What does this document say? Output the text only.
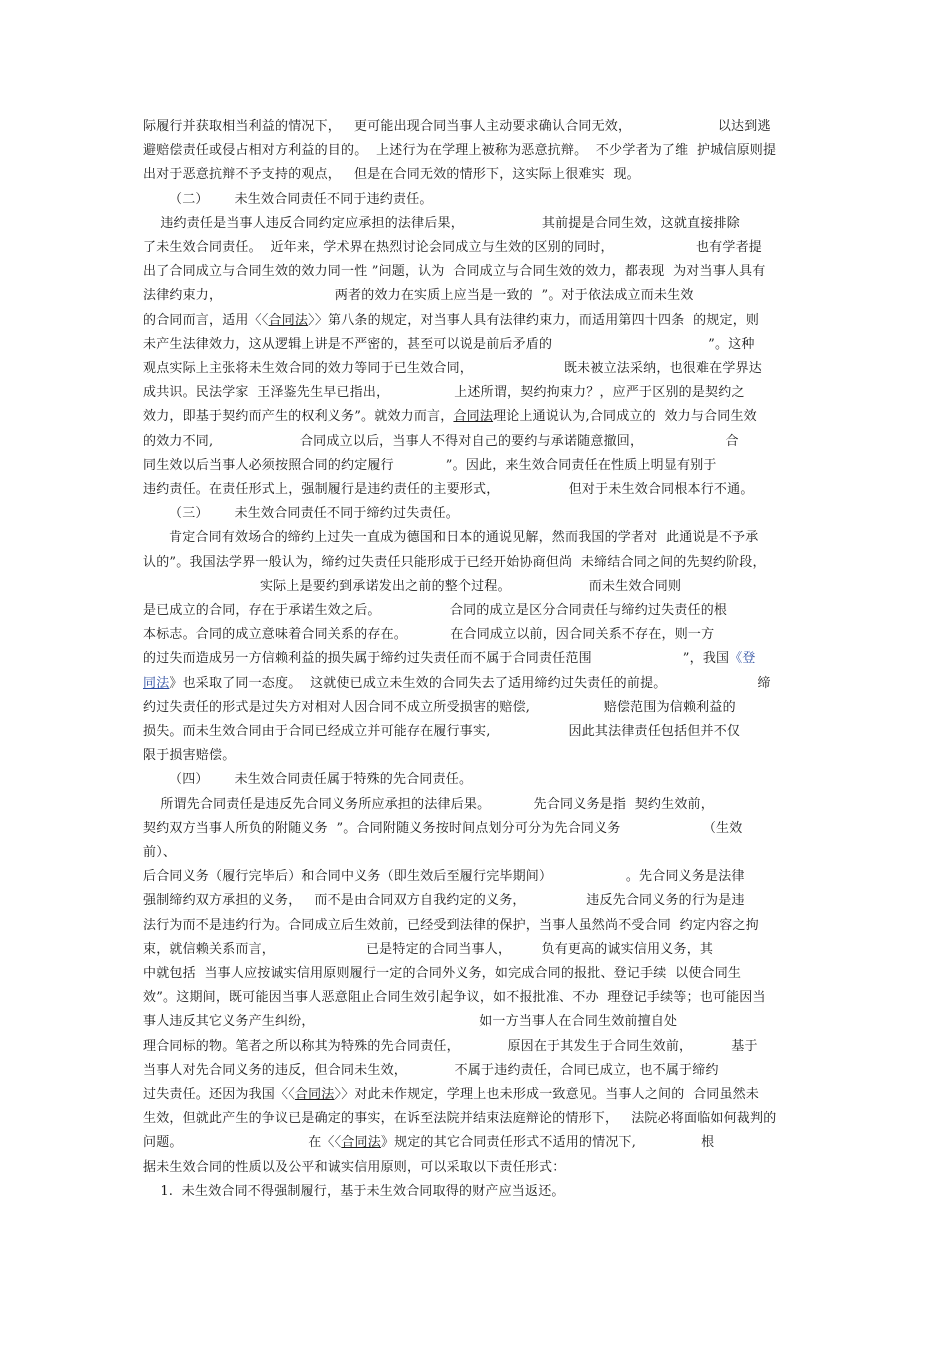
际履行并获取相当利益的情况下，   更可能出现合同当事人主动要求确认合同无效，                    以达到逃
避赔偿责任或侵占相对方利益的目的。  上述行为在学理上被称为恶意抗辩。  不少学者为了维  护城信原则提
出对于恶意抗辩不予支持的观点，   但是在合同无效的情形下，这实际上很难实  现。
（二）      未生效合同责任不同于违约责任。
违约责任是当事人违反合同约定应承担的法律后果，                  其前提是合同生效，这就直接排除
了未生效合同责任。  近年来，学术界在热烈讨论会同成立与生效的区别的同时，                   也有学者提
出了合同成立与合同生效的效力同一性 ”问题，认为  合同成立与合同生效的效力，都表现  为对当事人具有
法律约束力，                          两者的效力在实质上应当是一致的  ”。对于依法成立而未生效
的合同而言，适用〈〈合同法〉〉第八条的规定，对当事人具有法律约束力，而适用第四十四条  的规定，则
未产生法律效力，这从逻辑上讲是不严密的，甚至可以说是前后矛盾的                                    ”。这种
观点实际上主张将未生效合同的效力等同于已生效合同，                     既未被立法采纳，也很难在学界达
成共识。民法学家  王泽鉴先生早已指出，               上述所谓，契约拘束力？，应严于区别的是契约之
效力，即基于契约而产生的权利义务”。就效力而言，合同法理论上通说认为,合同成立的  效力与合同生效
的效力不同,                    合同成立以后，当事人不得对自己的要约与承诺随意撤回，                   合
同生效以后当事人必须按照合同的约定履行            ”。因此，来生效合同责任在性质上明显有别于
违约责任。在责任形式上，强制履行是违约责任的主要形式，                但对于未生效合同根本行不通。
（三）      未生效合同责任不同于缔约过失责任。
肯定合同有效场合的缔约上过失一直成为德国和日本的通说见解，然而我国的学者对  此通说是不予承
认的”。我国法学界一般认为，缔约过失责任只能形成于已经开始协商但尚  未缔结合同之间的先契约阶段，
实际上是要约到承诺发出之前的整个过程。                  而未生效合同则
是已成立的合同，存在于承诺生效之后。                合同的成立是区分合同责任与缔约过失责任的根
本标志。合同的成立意味着合同关系的存在。          在合同成立以前，因合同关系不存在，则一方
的过失而造成另一方信赖利益的损失属于缔约过失责任而不属于合同责任范围                     ”，我国《登
同法》也采取了同一态度。  这就使已成立未生效的合同失去了适用缔约过失责任的前提。                     缔
约过失责任的形式是过失方对相对人因合同不成立所受损害的赔偿,                 赔偿范围为信赖利益的
损失。而未生效合同由于合同已经成立并可能存在履行事实,                  因此其法律责任包括但并不仅
限于损害赔偿。
（四）      未生效合同责任属于特殊的先合同责任。
所谓先合同责任是违反先合同义务所应承担的法律后果。          先合同义务是指  契约生效前，
契约双方当事人所负的附随义务  ”。合同附随义务按时间点划分可分为先合同义务                   （生效
前）、
后合同义务（履行完毕后）和合同中义务（即生效后至履行完毕期间）                 。先合同义务是法律
强制缔约双方承担的义务，   而不是由合同双方自我约定的义务，              违反先合同义务的行为是违
法行为而不是违约行为。合同成立后生效前，已经受到法律的保护，当事人虽然尚不受合同  约定内容之拘
束，就信赖关系而言，                     已是特定的合同当事人，       负有更高的诚实信用义务，其
中就包括  当事人应按诚实信用原则履行一定的合同外义务，如完成合同的报批、登记手续  以使合同生
效”。这期间，既可能因当事人恶意阻止合同生效引起争议，如不报批准、不办  理登记手续等；也可能因当
事人违反其它义务产生纠纷，                                      如一方当事人在合同生效前擅自处
理合同标的物。笔者之所以称其为特殊的先合同责任，           原因在于其发生于合同生效前，         基于
当事人对先合同义务的违反，但合同未生效，           不属于违约责任，合同已成立，也不属于缔约
过失责任。还因为我国〈〈合同法〉〉对此未作规定，学理上也未形成一致意见。当事人之间的  合同虽然未
生效，但就此产生的争议已是确定的事实，在诉至法院并结束法庭辩论的情形下，   法院必将面临如何裁判的
问题。                             在〈〈合同法》规定的其它合同责任形式不适用的情况下,               根
据未生效合同的性质以及公平和诚实信用原则，可以采取以下责任形式：
1.  未生效合同不得强制履行，基于未生效合同取得的财产应当返还。
